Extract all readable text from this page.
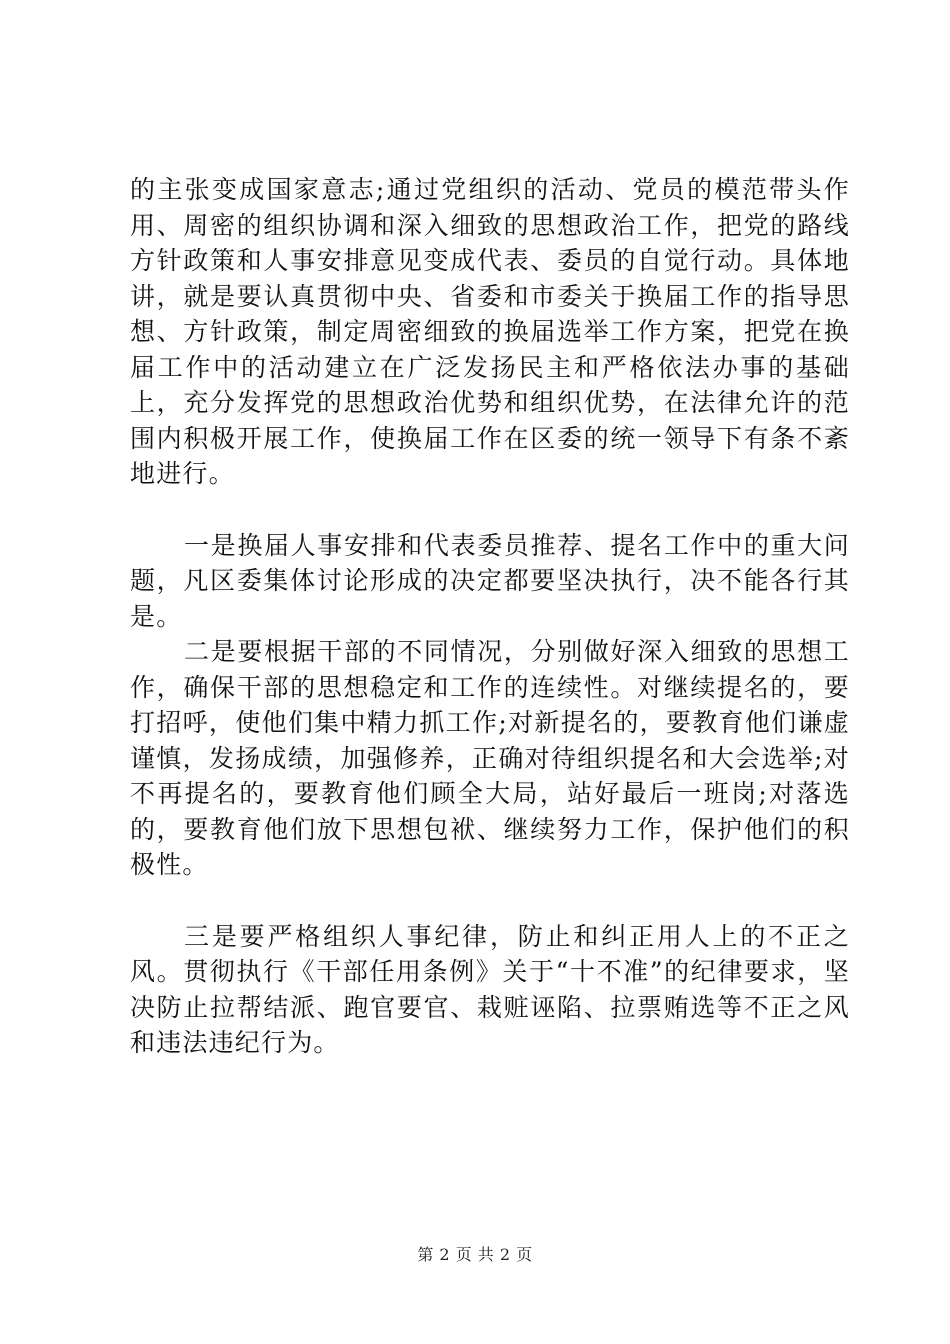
的主张变成国家意志;通过党组织的活动、党员的模范带头作用、周密的组织协调和深入细致的思想政治工作，把党的路线方针政策和人事安排意见变成代表、委员的自觉行动。具体地讲，就是要认真贯彻中央、省委和市委关于换届工作的指导思想、方针政策，制定周密细致的换届选举工作方案，把党在换届工作中的活动建立在广泛发扬民主和严格依法办事的基础上，充分发挥党的思想政治优势和组织优势，在法律允许的范围内积极开展工作，使换届工作在区委的统一领导下有条不紊地进行。

一是换届人事安排和代表委员推荐、提名工作中的重大问题，凡区委集体讨论形成的决定都要坚决执行，决不能各行其是。

二是要根据干部的不同情况，分别做好深入细致的思想工作，确保干部的思想稳定和工作的连续性。对继续提名的，要打招呼，使他们集中精力抓工作;对新提名的，要教育他们谦虚谨慎，发扬成绩，加强修养，正确对待组织提名和大会选举;对不再提名的，要教育他们顾全大局，站好最后一班岗;对落选的，要教育他们放下思想包袱、继续努力工作，保护他们的积极性。

三是要严格组织人事纪律，防止和纠正用人上的不正之风。贯彻执行《干部任用条例》关于“十不准”的纪律要求，坚决防止拉帮结派、跑官要官、栽赃诬陷、拉票贿选等不正之风和违法违纪行为。

第 2 页 共 2 页
